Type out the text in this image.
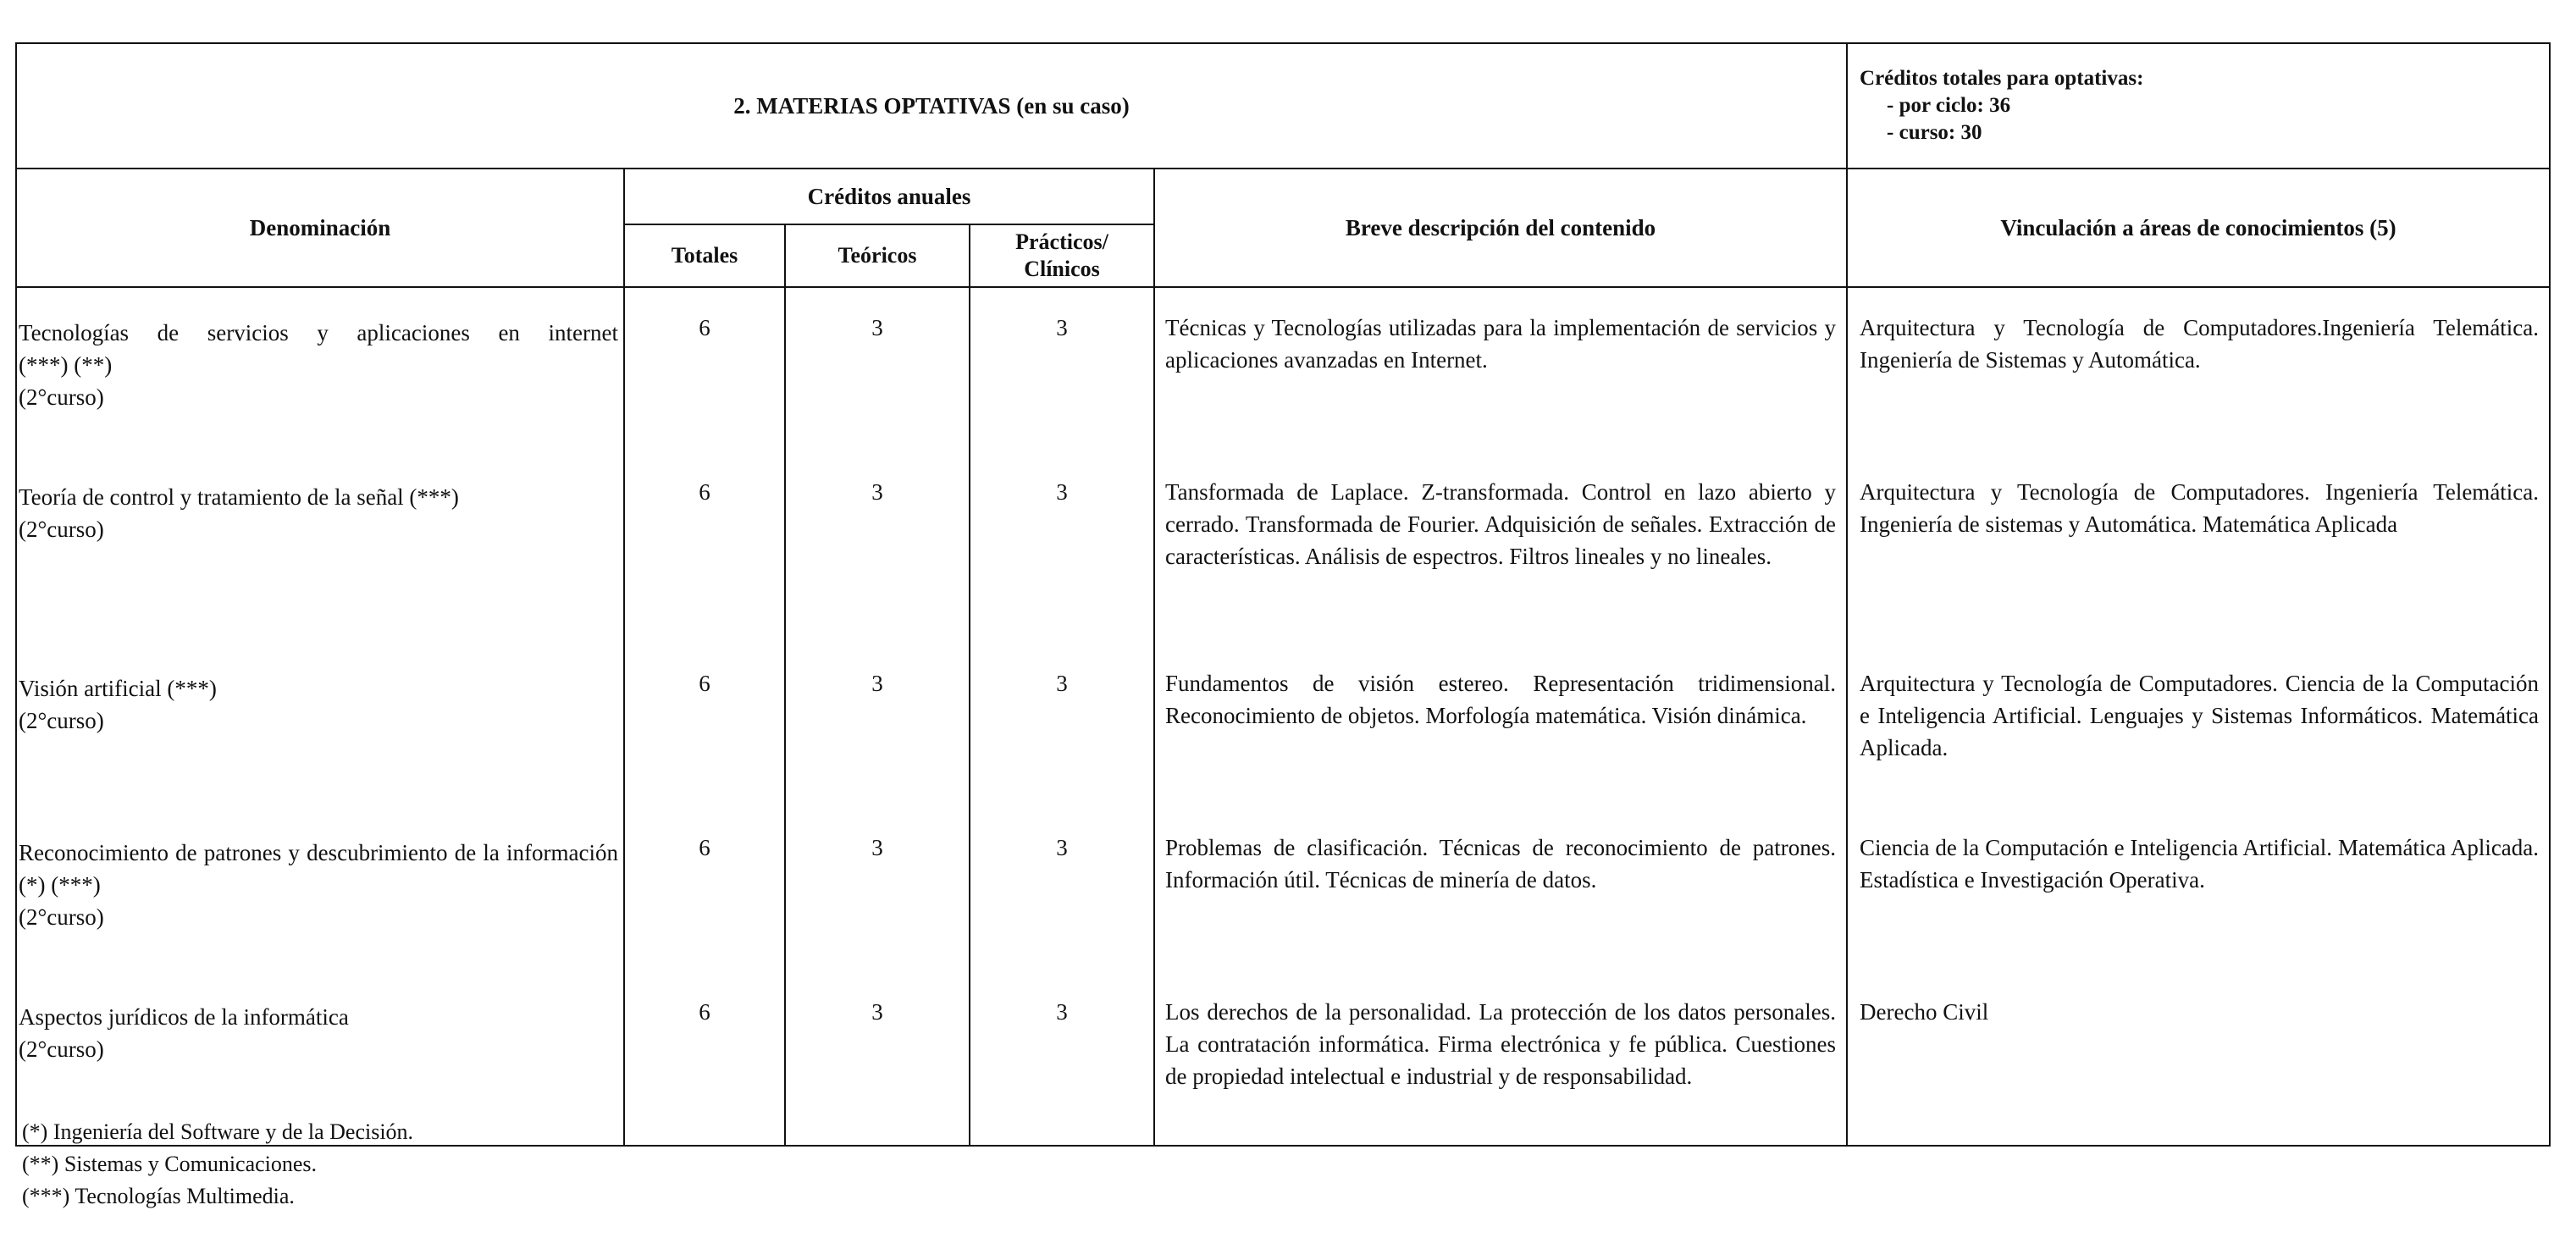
2. MATERIAS OPTATIVAS (en su caso)					Créditos totales para optativas:
- por ciclo: 36
- curso: 30

Denominación	Créditos anuales			Breve descripción del contenido	Vinculación a áreas de conocimientos (5)
	Totales	Teóricos	Prácticos/
Clínicos		

Tecnologías de servicios y aplicaciones en internet
(***) (**)
(2°curso)	6	3	3	Técnicas y Tecnologías utilizadas para la implementación de servicios y aplicaciones avanzadas en Internet.	Arquitectura y Tecnología de Computadores.Ingeniería Telemática. Ingeniería de Sistemas y Automática.

Teoría de control y tratamiento de la señal (***)
(2°curso)	6	3	3	Tansformada de Laplace. Z-transformada. Control en lazo abierto y cerrado. Transformada de Fourier. Adquisición de señales. Extracción de características. Análisis de espectros. Filtros lineales y no lineales.	Arquitectura y Tecnología de Computadores. Ingeniería Telemática. Ingeniería de sistemas y Automática. Matemática Aplicada

Visión artificial (***)
(2°curso)	6	3	3	Fundamentos de visión estereo. Representación tridimensional. Reconocimiento de objetos. Morfología matemática. Visión dinámica.	Arquitectura y Tecnología de Computadores. Ciencia de la Computación e Inteligencia Artificial. Lenguajes y Sistemas Informáticos. Matemática Aplicada.

Reconocimiento de patrones y descubrimiento de la información (*) (***)
(2°curso)	6	3	3	Problemas de clasificación. Técnicas de reconocimiento de patrones. Información útil. Técnicas de minería de datos.	Ciencia de la Computación e Inteligencia Artificial. Matemática Aplicada. Estadística e Investigación Operativa.

Aspectos jurídicos de la informática
(2°curso)	6	3	3	Los derechos de la personalidad. La protección de los datos personales. La contratación informática. Firma electrónica y fe pública. Cuestiones de propiedad intelectual e industrial y de responsabilidad.	Derecho Civil
(*) Ingeniería del Software y de la Decisión.
(**) Sistemas y Comunicaciones.
(***) Tecnologías Multimedia.
